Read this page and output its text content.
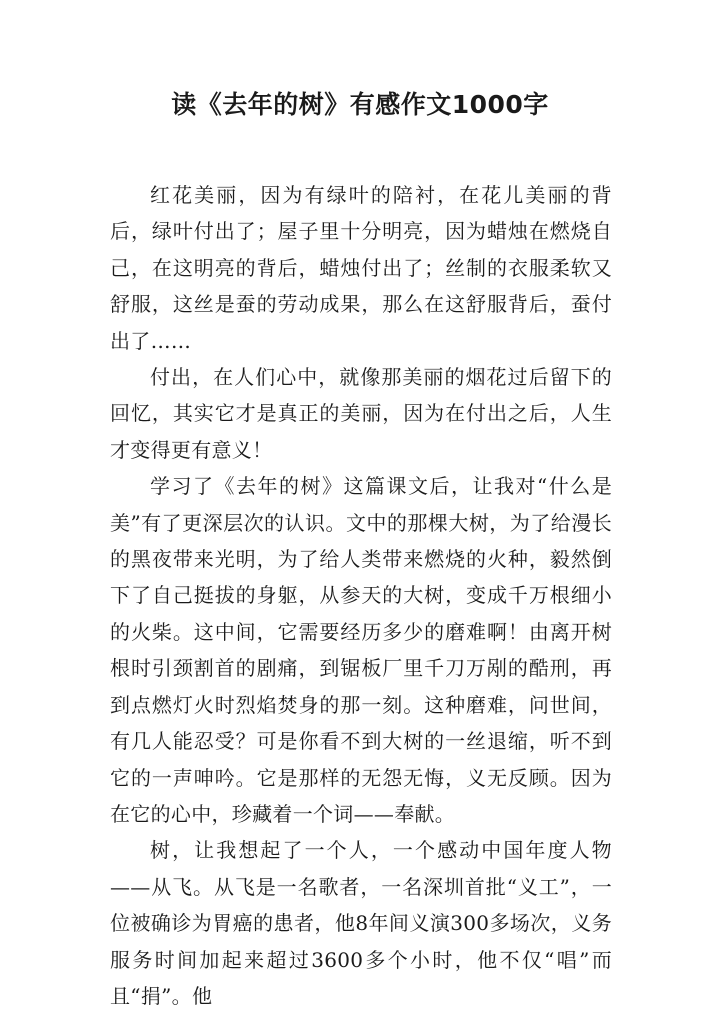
读《去年的树》有感作文1000字

红花美丽，因为有绿叶的陪衬，在花儿美丽的背后，绿叶付出了；屋子里十分明亮，因为蜡烛在燃烧自己，在这明亮的背后，蜡烛付出了；丝制的衣服柔软又舒服，这丝是蚕的劳动成果，那么在这舒服背后，蚕付出了……

付出，在人们心中，就像那美丽的烟花过后留下的回忆，其实它才是真正的美丽，因为在付出之后，人生才变得更有意义！

学习了《去年的树》这篇课文后，让我对“什么是美”有了更深层次的认识。文中的那棵大树，为了给漫长的黑夜带来光明，为了给人类带来燃烧的火种，毅然倒下了自己挺拔的身躯，从参天的大树，变成千万根细小的火柴。这中间，它需要经历多少的磨难啊！由离开树根时引颈割首的剧痛，到锯板厂里千刀万剐的酷刑，再到点燃灯火时烈焰焚身的那一刻。这种磨难，问世间，有几人能忍受？可是你看不到大树的一丝退缩，听不到它的一声呻吟。它是那样的无怨无悔，义无反顾。因为在它的心中，珍藏着一个词——奉献。

树，让我想起了一个人，一个感动中国年度人物——从飞。从飞是一名歌者，一名深圳首批“义工”，一位被确诊为胃癌的患者，他8年间义演300多场次，义务服务时间加起来超过3600多个小时，他不仅“唱”而且“捐”。他
